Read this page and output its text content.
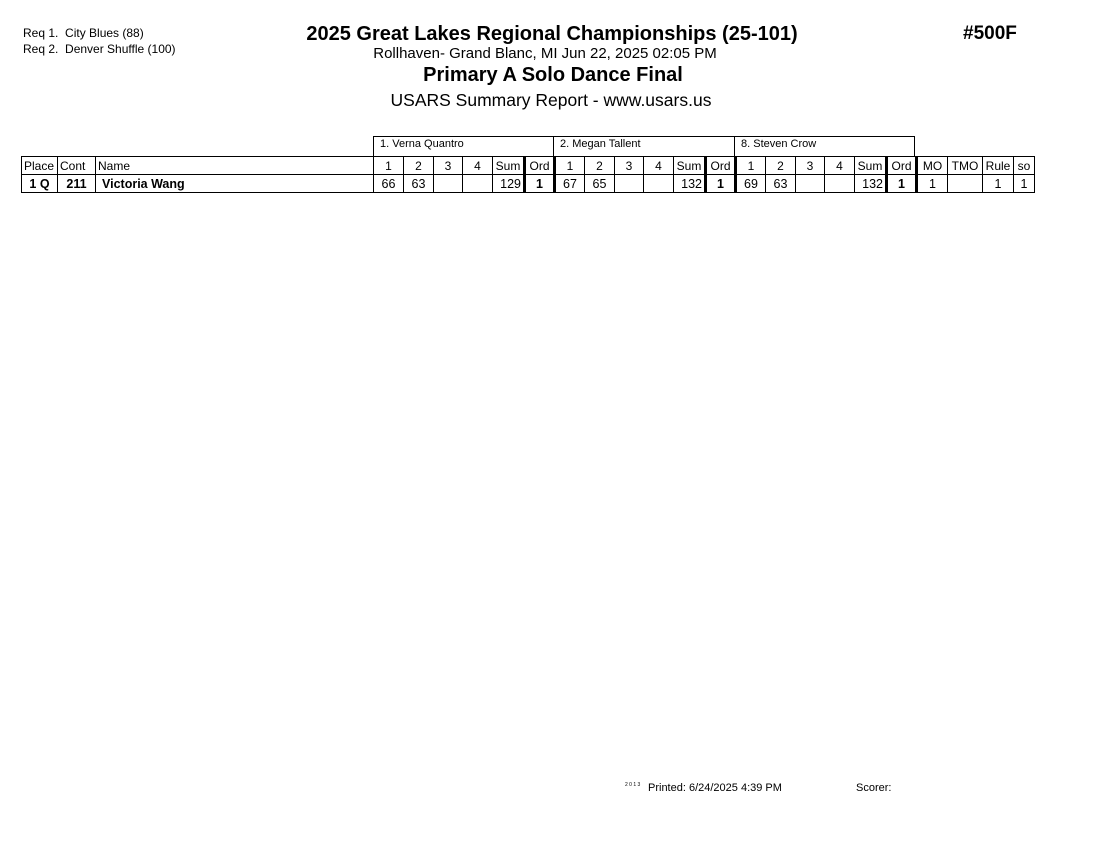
Req 1. City Blues (88)
Req 2. Denver Shuffle (100)
2025 Great Lakes Regional Championships (25-101)
Rollhaven- Grand Blanc, MI Jun 22, 2025 02:05 PM
Primary A Solo Dance Final
USARS Summary Report - www.usars.us
#500F
1. Verna Quantro	2. Megan Tallent	8. Steven Crow
Place	Cont	Name	1	2	3	4	Sum	Ord	1	2	3	4	Sum	Ord	1	2	3	4	Sum	Ord	MO	TMO	Rule	so
1 Q	211	Victoria Wang	66	63			129	1	67	65			132	1	69	63			132	1	1		1	1
2 0 1 3 Printed: 6/24/2025 4:39 PM	Scorer:
